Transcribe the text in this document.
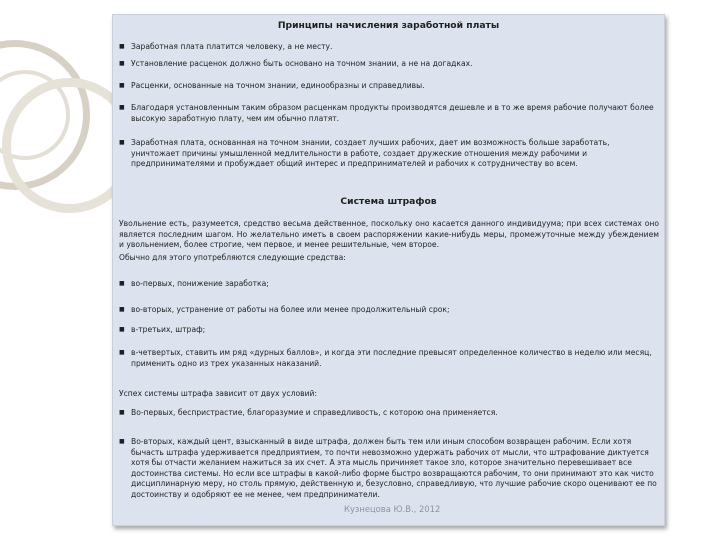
Принципы начисления заработной платы
■ Заработная плата платится человеку, а не месту.
■ Установление расценок должно быть основано на точном знании, а не на догадках.
■ Расценки, основанные на точном знании, единообразны и справедливы.
■ Благодаря установленным таким образом расценкам продукты производятся дешевле и в то же время рабочие получают более высокую заработную плату, чем им обычно платят.
■ Заработная плата, основанная на точном знании, создает лучших рабочих, дает им возможность больше заработать, уничтожает причины умышленной медлительности в работе, создает дружеские отношения между рабочими и предпринимателями и пробуждает общий интерес и предпринимателей и рабочих к сотрудничеству во всем.
Система штрафов
Увольнение есть, разумеется, средство весьма действенное, поскольку оно касается данного индивидуума; при всех системах оно является последним шагом. Но желательно иметь в своем распоряжении какие-нибудь меры, промежуточные между убеждением и увольнением, более строгие, чем первое, и менее решительные, чем второе.
Обычно для этого употребляются следующие средства:
■ во-первых, понижение заработка;
■ во-вторых, устранение от работы на более или менее продолжительный срок;
■ в-третьих, штраф;
■ в-четвертых, ставить им ряд «дурных баллов», и когда эти последние превысят определенное количество в неделю или месяц, применить одно из трех указанных наказаний.
Успех системы штрафа зависит от двух условий:
■ Во-первых, беспристрастие, благоразумие и справедливость, с которою она применяется.
■ Во-вторых, каждый цент, взысканный в виде штрафа, должен быть тем или иным способом возвращен рабочим. Если хотя бычасть штрафа удерживается предприятием, то почти невозможно удержать рабочих от мысли, что штрафование диктуется хотя бы отчасти желанием нажиться за их счет. А эта мысль причиняет такое зло, которое значительно перевешивает все достоинства системы. Но если все штрафы в какой-либо форме быстро возвращаются рабочим, то они принимают это как чисто дисциплинарную меру, но столь прямую, действенную и, безусловно, справедливую, что лучшие рабочие скоро оценивают ее по достоинству и одобряют ее не менее, чем предприниматели.
Кузнецова Ю.В., 2012
